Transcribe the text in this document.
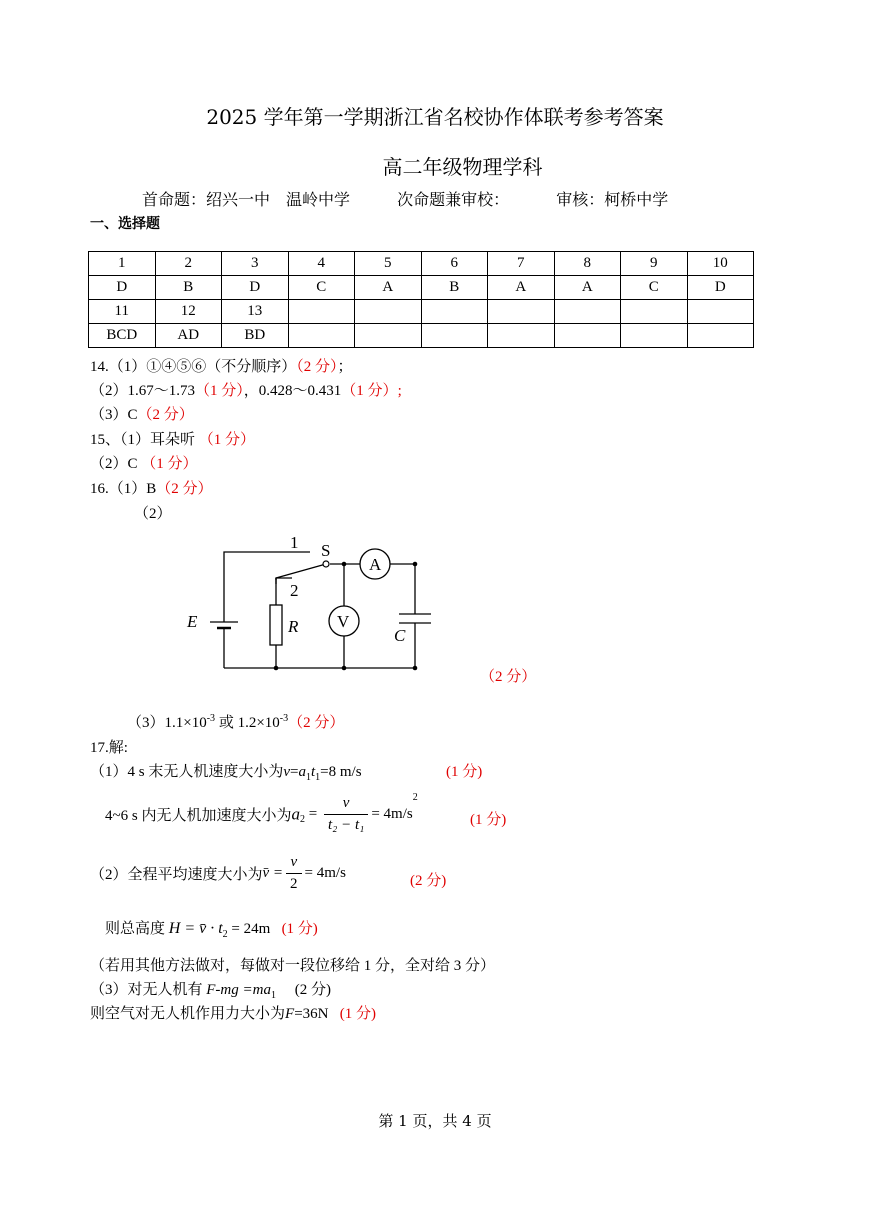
2025 学年第一学期浙江省名校协作体联考参考答案
高二年级物理学科
首命题：绍兴一中　温岭中学	次命题兼审校：	审核：柯桥中学
一、选择题
1	2	3	4	5	6	7	8	9	10
D	B	D	C	A	B	A	A	C	D
11	12	13							
BCD	AD	BD							
14.（1）①④⑤⑥（不分顺序）（2 分）；
（2）1.67～1.73（1 分），0.428～0.431（1 分）;
（3）C（2 分）
15、（1）耳朵听 （1 分）
（2）C （1 分）
16.（1）B（2 分）
（2）
1 S
A
2
V
E	R	C
（2 分）
$(3)1.1\times 10^{-3}$ 或 $1.2\times 10^{-3}(2$ 分）
17.解:
（1）4 s 末无人机速度大小为$v=a_1t_1=8$ m/s	(1 分)
4~6 s 内无人机加速度大小为$a_2 = \frac{v}{\text{t₂ − t₁}} = 4m/s^2$
(1 分)
（2）全程平均速度大小为v̄ = $\frac{v}{2} = 4m/s$	(2 分)
则总高度 H = v̄ · $t_2 = 24m$ (1 分)
（若用其他方法做对，每做对一段位移给 1 分，全对给 3 分）
（3）对无人机有 $F-mg =ma_1$ (2 分)
则空气对无人机作用力大小为F=36N (1 分)
第 1 页，共 4 页
